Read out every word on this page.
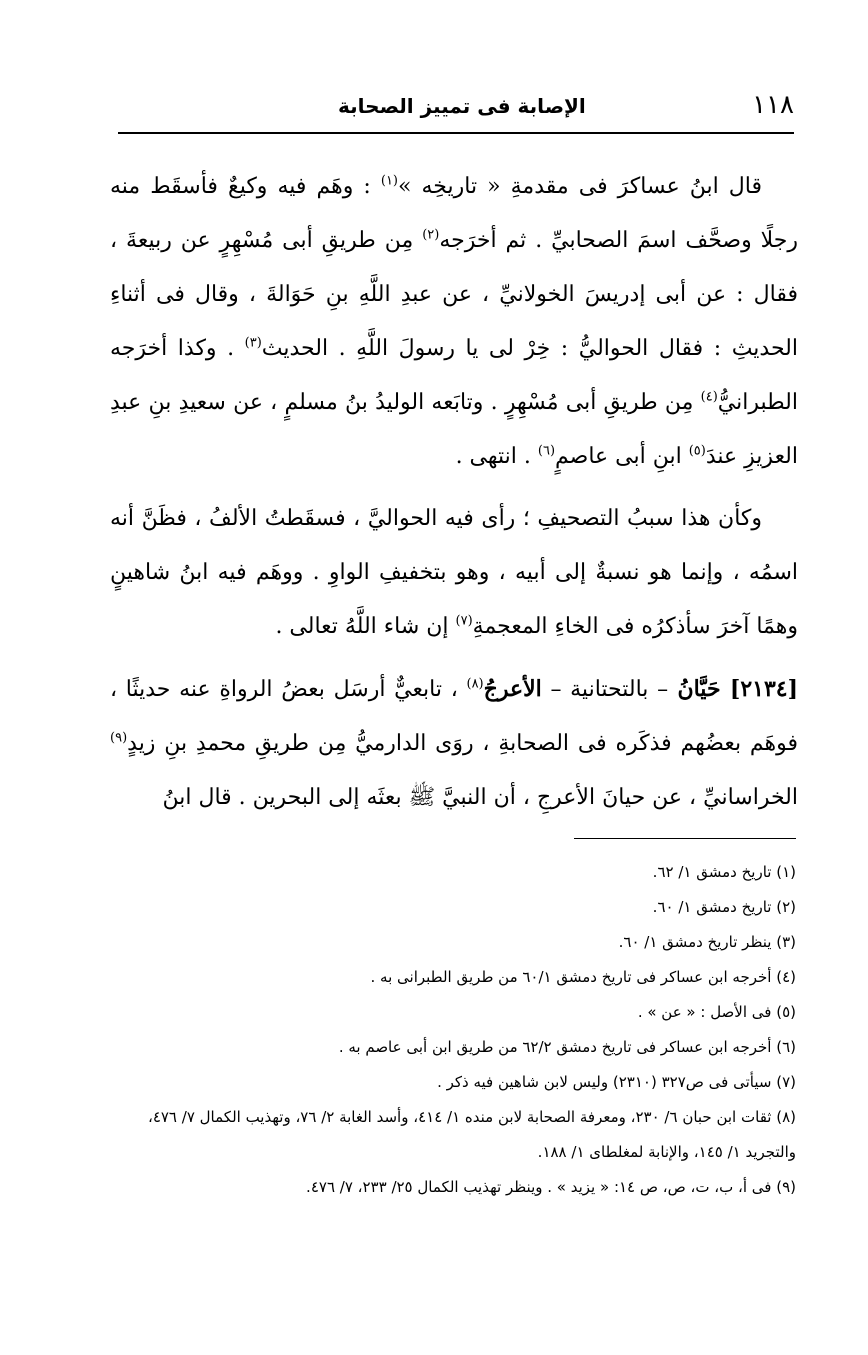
١١٨
الإصابة فى تمييز الصحابة

قال ابنُ عساكرَ فى مقدمةِ « تاريخِه »$^{(١)}$ : وهَم فيه وكيعٌ فأسقَط منه رجلًا وصحَّف اسمَ الصحابيِّ . ثم أخرَجه$^{(٢)}$ مِن طريقِ أبى مُسْهِرٍ عن ربيعةَ ، فقال : عن أبى إدريسَ الخولانيِّ ، عن عبدِ اللَّهِ بنِ حَوَالةَ ، وقال فى أثناءِ الحديثِ : فقال الحواليُّ : خِرْ لى يا رسولَ اللَّهِ . الحديث$^{(٣)}$ . وكذا أخرَجه الطبرانيُّ$^{(٤)}$ مِن طريقِ أبى مُسْهِرٍ . وتابَعه الوليدُ بنُ مسلمٍ ، عن سعيدِ بنِ عبدِ العزيزِ عندَ$^{(٥)}$ ابنِ أبى عاصمٍ$^{(٦)}$ . انتهى .

وكأن هذا سببُ التصحيفِ ؛ رأى فيه الحواليَّ ، فسقَطتُ الألفُ ، فظَنَّ أنه اسمُه ، وإنما هو نسبةٌ إلى أبيه ، وهو بتخفيفِ الواوِ . ووهَم فيه ابنُ شاهينٍ وهمًا آخرَ سأذكرُه فى الخاءِ المعجمةِ$^{(٧)}$ إن شاء اللَّهُ تعالى .

[٢١٣٤] حَيَّانُ – بالتحتانية – الأعرجُ$^{(٨)}$ ، تابعيٌّ أرسَل بعضُ الرواةِ عنه حديثًا ، فوهَم بعضُهم فذكَره فى الصحابةِ ، روَى الدارميُّ مِن طريقِ محمدِ بنِ زيدٍ$^{(٩)}$ الخراسانيِّ ، عن حيانَ الأعرجِ ، أن النبيَّ ﷺ بعثَه إلى البحرين . قال ابنُ

(١) تاريخ دمشق ١/ ٦٢.

(٢) تاريخ دمشق ١/ ٦٠.

(٣) ينظر تاريخ دمشق ١/ ٦٠.

(٤) أخرجه ابن عساكر فى تاريخ دمشق ٦٠/١ من طريق الطبرانى به .

(٥) فى الأصل : « عن » .

(٦) أخرجه ابن عساكر فى تاريخ دمشق ٦٢/٢ من طريق ابن أبى عاصم به .

(٧) سيأتى فى ص٣٢٧ (٢٣١٠) وليس لابن شاهين فيه ذكر .

(٨) ثقات ابن حبان ٦/ ٢٣٠، ومعرفة الصحابة لابن منده ١/ ٤١٤، وأسد الغابة ٢/ ٧٦، وتهذيب الكمال ٧/ ٤٧٦، والتجريد ١/ ١٤٥، والإنابة لمغلطاى ١/ ١٨٨.

(٩) فى أ، ب، ت، ص، ص ١٤: « يزيد » . وينظر تهذيب الكمال ٢٥/ ٢٣٣، ٧/ ٤٧٦.
